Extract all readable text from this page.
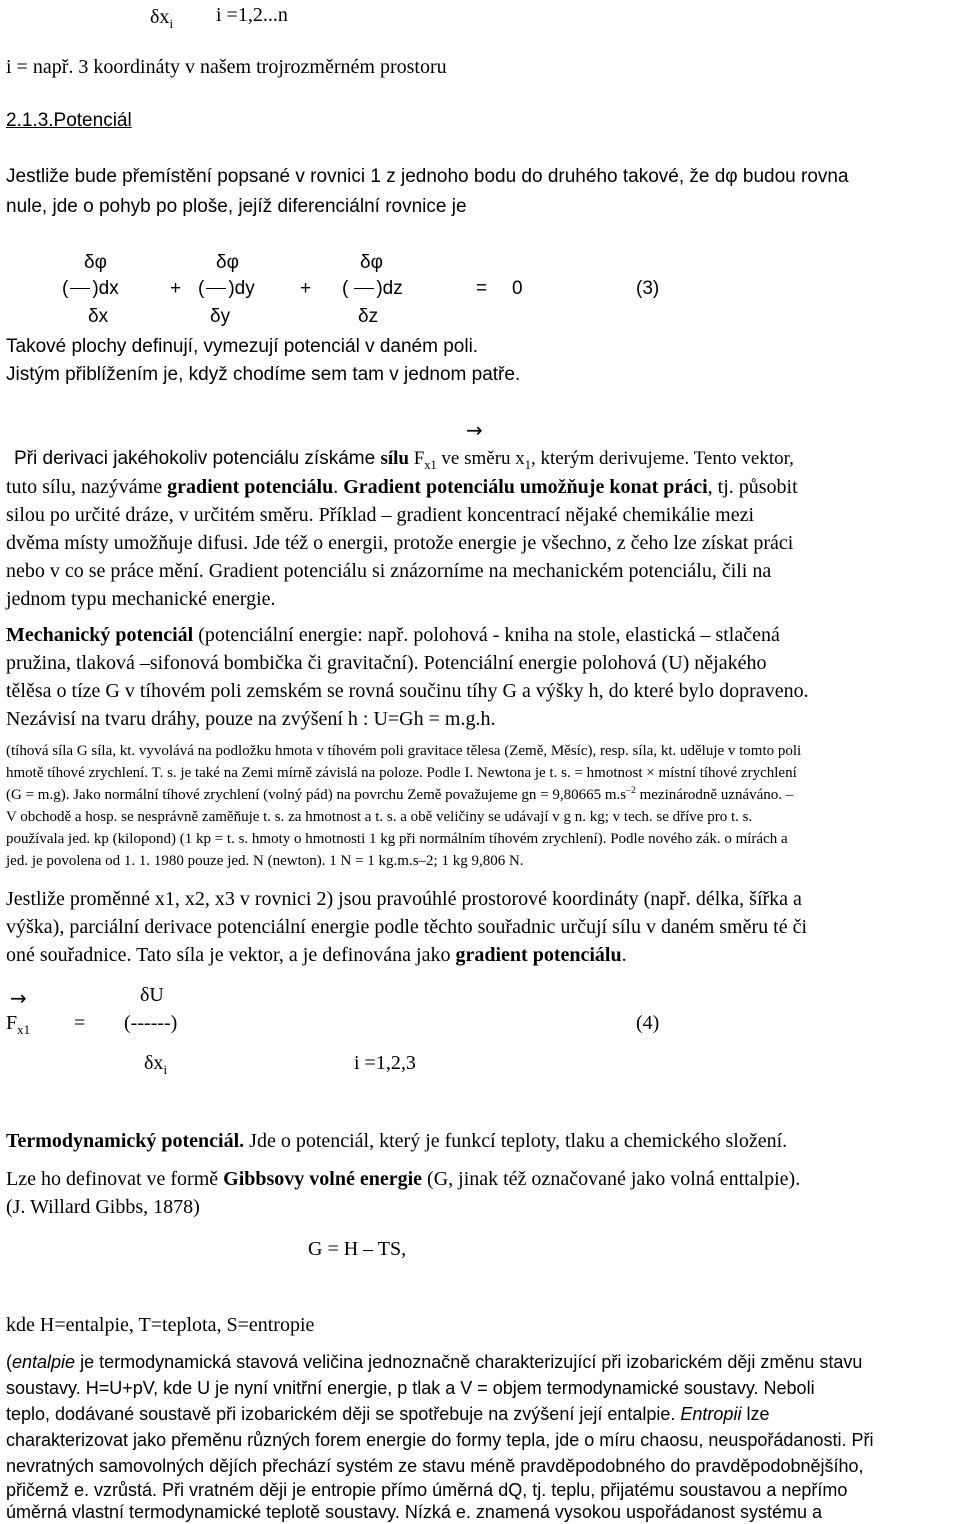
$\delta x_i$ i =1,2...n
i = např. 3 koordináty v našem trojrozměrném prostoru
2.1.3.Potenciál
Jestliže bude přemístění popsané v rovnici 1 z jednoho bodu do druhého takové, že dφ budou rovna
nule, jde o pohyb po ploše, jejíž diferenciální rovnice je
δφ	δφ	δφ
( )dx	+ ( )dy + ( )dz	= 0	(3)
δx	δy	δz
Takové plochy definují, vymezují potenciál v daném poli.
Jistým přiblížením je, když chodíme sem tam v jednom patře.
→
Při derivaci jakéhokoliv potenciálu získáme sílu $F_{x1}$ ve směru $x_1$, kterým derivujeme. Tento vektor,
tuto sílu, nazýváme gradient potenciálu. Gradient potenciálu umožňuje konat práci, tj. působit
silou po určité dráze, v určitém směru. Příklad – gradient koncentrací nějaké chemikálie mezi
dvěma místy umožňuje difusi. Jde též o energii, protože energie je všechno, z čeho lze získat práci
nebo v co se práce mění. Gradient potenciálu si znázorníme na mechanickém potenciálu, čili na
jednom typu mechanické energie.
Mechanický potenciál (potenciální energie: např. polohová - kniha na stole, elastická – stlačená
pružina, tlaková –sifonová bombička či gravitační). Potenciální energie polohová (U) nějakého
tělěsa o tíze G v tíhovém poli zemském se rovná součinu tíhy G a výšky h, do které bylo dopraveno.
Nezávisí na tvaru dráhy, pouze na zvýšení h : U=Gh = m.g.h.
(tíhová síla G síla, kt. vyvolává na podložku hmota v tíhovém poli gravitace tělesa (Země, Měsíc), resp. síla, kt. uděluje v tomto poli
hmotě tíhové zrychlení. T. s. je také na Zemi mírně závislá na poloze. Podle I. Newtona je t. s. = hmotnost × místní tíhové zrychlení
(G = m.g). Jako normální tíhové zrychlení (volný pád) na povrchu Země považujeme gn = 9,80665 $m.s^{-2}$ mezinárodně uznáváno. –
V obchodě a hosp. se nesprávně zaměňuje t. s. za hmotnost a t. s. a obě veličiny se udávají v g n. kg; v tech. se dříve pro t. s.
používala jed. kp (kilopond) (1 kp = t. s. hmoty o hmotnosti 1 kg při normálním tíhovém zrychlení). Podle nového zák. o mírách a
jed. je povolena od 1. 1. 1980 pouze jed. N (newton). 1 N = 1 kg.m.s–2; 1 kg 9,806 N.
Jestliže proměnné x1, x2, x3 v rovnici 2) jsou pravoúhlé prostorové koordináty (např. délka, šířka a
výška), parciální derivace potenciální energie podle těchto souřadnic určují sílu v daném směru té či
oné souřadnice. Tato síla je vektor, a je definována jako gradient potenciálu.
→	δU
$F_{x1}$ = (------)	(4)
$\delta x_i$	i =1,2,3
Termodynamický potenciál. Jde o potenciál, který je funkcí teploty, tlaku a chemického složení.
Lze ho definovat ve formě Gibbsovy volné energie (G, jinak též označované jako volná enttalpie).
(J. Willard Gibbs, 1878)
G = H – TS,
kde H=entalpie, T=teplota, S=entropie
(entalpie je termodynamická stavová veličina jednoznačně charakterizující při izobarickém ději změnu stavu
soustavy. H=U+pV, kde U je nyní vnitřní energie, p tlak a V = objem termodynamické soustavy. Neboli
teplo, dodávané soustavě při izobarickém ději se spotřebuje na zvýšení její entalpie. Entropii lze
charakterizovat jako přeměnu různých forem energie do formy tepla, jde o míru chaosu, neuspořádanosti. Při
nevratných samovolných dějích přechází systém ze stavu méně pravděpodobného do pravděpodobnějšího,
přičemž e. vzrůstá. Při vratném ději je entropie přímo úměrná dQ, tj. teplu, přijatému soustavou a nepřímo
úměrná vlastní termodynamické teplotě soustavy. Nízká e. znamená vysokou uspořádanost systému a
